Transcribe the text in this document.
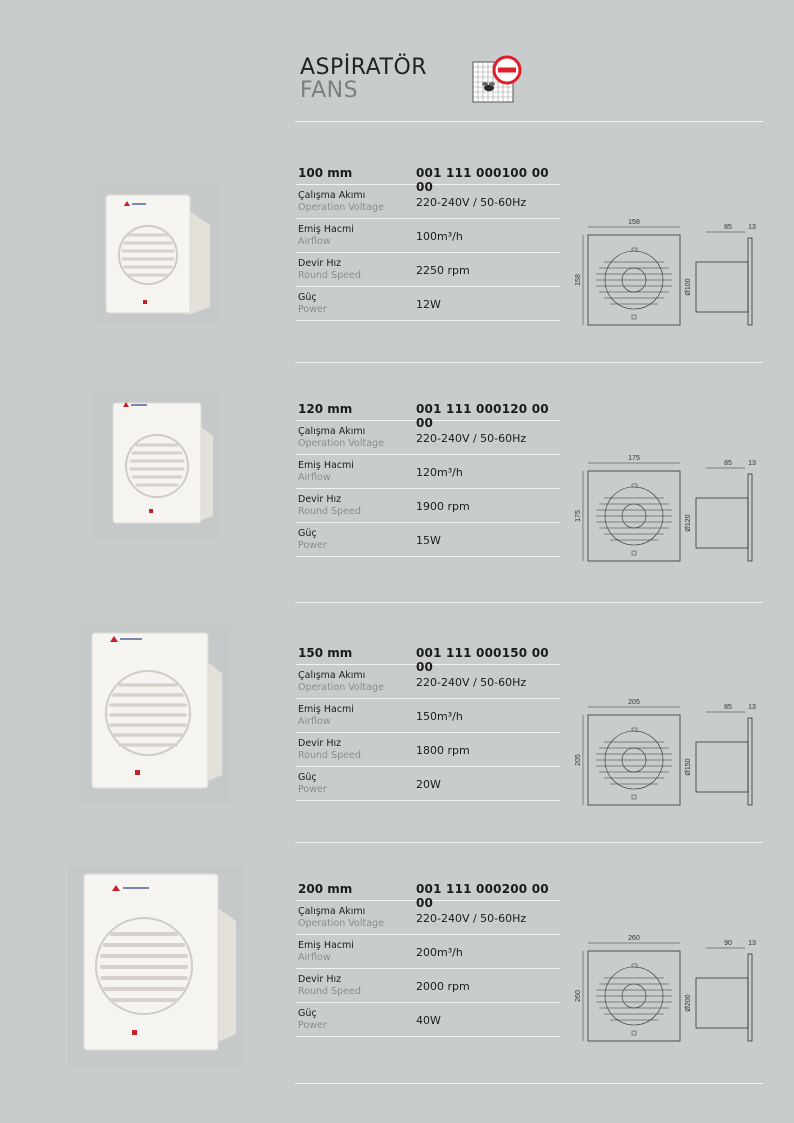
ASPİRATÖR
FANS
100 mm	001 111 000100 00 00
Çalışma Akımı
Operation Voltage	220-240V / 50-60Hz
Emiş Hacmi
Airflow	100m³/h
Devir Hız
Round Speed	2250 rpm
Güç
Power	12W
158
158
85 13
Ø100
120 mm	001 111 000120 00 00
Çalışma Akımı
Operation Voltage	220-240V / 50-60Hz
Emiş Hacmi
Airflow	120m³/h
Devir Hız
Round Speed	1900 rpm
Güç
Power	15W
175
175
85 13
Ø120
150 mm	001 111 000150 00 00
Çalışma Akımı
Operation Voltage	220-240V / 50-60Hz
Emiş Hacmi
Airflow	150m³/h
Devir Hız
Round Speed	1800 rpm
Güç
Power	20W
205
205
85 13
Ø150
200 mm	001 111 000200 00 00
Çalışma Akımı
Operation Voltage	220-240V / 50-60Hz
Emiş Hacmi
Airflow	200m³/h
Devir Hız
Round Speed	2000 rpm
Güç
Power	40W
260
260
90 13
Ø200
